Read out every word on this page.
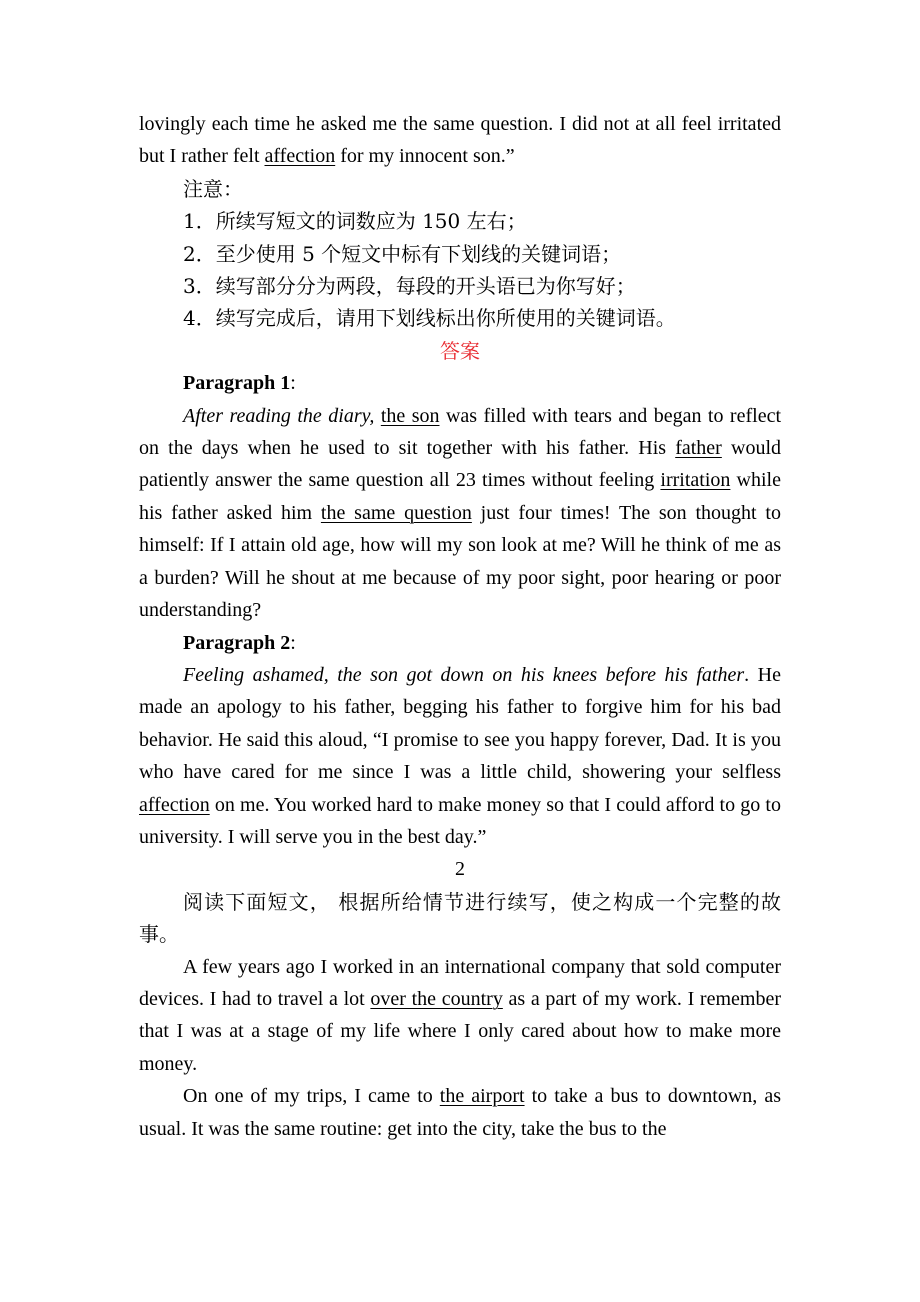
lovingly each time he asked me the same question. I did not at all feel irritated but I rather felt affection for my innocent son.”

注意：

1．所续写短文的词数应为 150 左右；

2．至少使用 5 个短文中标有下划线的关键词语；

3．续写部分分为两段，每段的开头语已为你写好；

4．续写完成后，请用下划线标出你所使用的关键词语。

答案

Paragraph 1:

After reading the diary, the son was filled with tears and began to reflect on the days when he used to sit together with his father. His father would patiently answer the same question all 23 times without feeling irritation while his father asked him the same question just four times! The son thought to himself: If I attain old age, how will my son look at me? Will he think of me as a burden? Will he shout at me because of my poor sight, poor hearing or poor understanding?

Paragraph 2:

Feeling ashamed, the son got down on his knees before his father. He made an apology to his father, begging his father to forgive him for his bad behavior. He said this aloud, “I promise to see you happy forever, Dad. It is you who have cared for me since I was a little child, showering your selfless affection on me. You worked hard to make money so that I could afford to go to university. I will serve you in the best day.”

2

阅读下面短文， 根据所给情节进行续写，使之构成一个完整的故事。

A few years ago I worked in an international company that sold computer devices. I had to travel a lot over the country as a part of my work. I remember that I was at a stage of my life where I only cared about how to make more money.

On one of my trips, I came to the airport to take a bus to downtown, as usual. It was the same routine: get into the city, take the bus to the
